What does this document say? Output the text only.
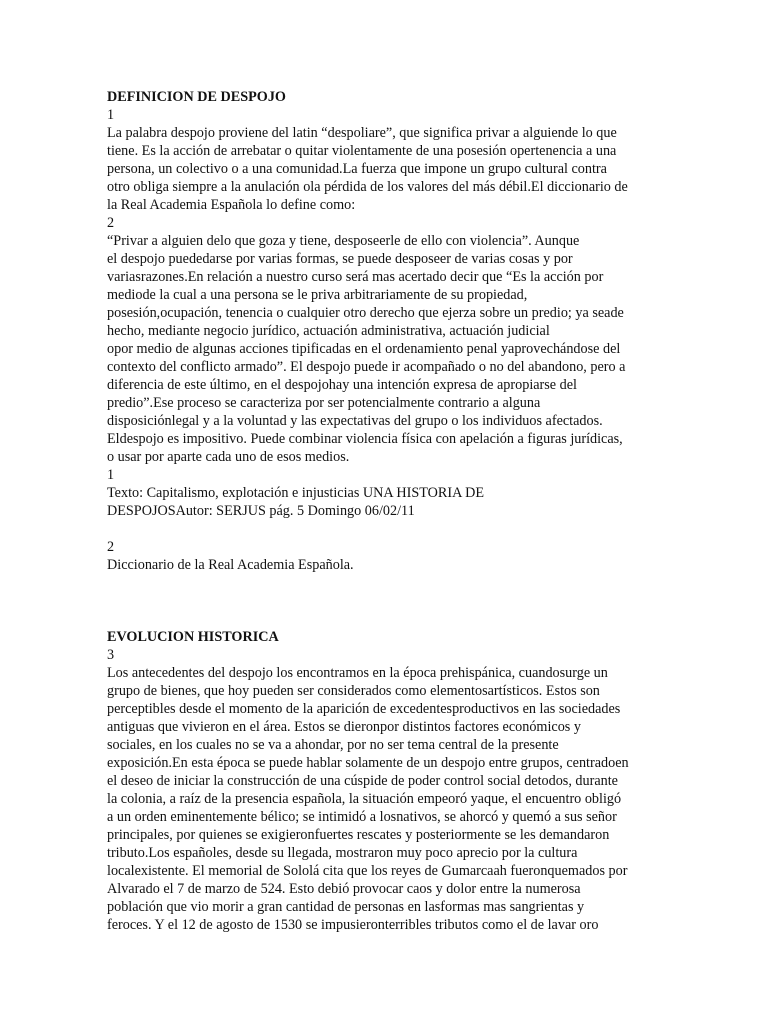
DEFINICION DE DESPOJO
1
La palabra despojo proviene del latin “despoliare”, que significa privar a alguiende lo que
tiene. Es la acción de arrebatar o quitar violentamente de una posesión opertenencia a una
persona, un colectivo o a una comunidad.La fuerza que impone un grupo cultural contra
otro obliga siempre a la anulación ola pérdida de los valores del más débil.El diccionario de
la Real Academia Española lo define como:
2
“Privar a alguien delo que goza y tiene, desposeerle de ello con violencia”. Aunque
el despojo puededarse por varias formas, se puede desposeer de varias cosas y por
variasrazones.En relación a nuestro curso será mas acertado decir que “Es la acción por
mediode la cual a una persona se le priva arbitrariamente de su propiedad,
posesión,ocupación, tenencia o cualquier otro derecho que ejerza sobre un predio; ya seade
hecho, mediante negocio jurídico, actuación administrativa, actuación judicial
opor medio de algunas acciones tipificadas en el ordenamiento penal yaprovechándose del
contexto del conflicto armado”. El despojo puede ir acompañado o no del abandono, pero a
diferencia de este último, en el despojohay una intención expresa de apropiarse del
predio”.Ese proceso se caracteriza por ser potencialmente contrario a alguna
disposiciónlegal y a la voluntad y las expectativas del grupo o los individuos afectados.
Eldespojo es impositivo. Puede combinar violencia física con apelación a figuras jurídicas,
o usar por aparte cada uno de esos medios.
1
Texto: Capitalismo, explotación e injusticias UNA HISTORIA DE
DESPOJOSAutor: SERJUS pág. 5 Domingo 06/02/11
2
Diccionario de la Real Academia Española.
EVOLUCION HISTORICA
3
Los antecedentes del despojo los encontramos en la época prehispánica, cuandosurge un
grupo de bienes, que hoy pueden ser considerados como elementosartísticos. Estos son
perceptibles desde el momento de la aparición de excedentesproductivos en las sociedades
antiguas que vivieron en el área. Estos se dieronpor distintos factores económicos y
sociales, en los cuales no se va a ahondar, por no ser tema central de la presente
exposición.En esta época se puede hablar solamente de un despojo entre grupos, centradoen
el deseo de iniciar la construcción de una cúspide de poder control social detodos, durante
la colonia, a raíz de la presencia española, la situación empeoró yaque, el encuentro obligó
a un orden eminentemente bélico; se intimidó a losnativos, se ahorcó y quemó a sus señor
principales, por quienes se exigieronfuertes rescates y posteriormente se les demandaron
tributo.Los españoles, desde su llegada, mostraron muy poco aprecio por la cultura
localexistente. El memorial de Sololá cita que los reyes de Gumarcaah fueronquemados por
Alvarado el 7 de marzo de 524. Esto debió provocar caos y dolor entre la numerosa
población que vio morir a gran cantidad de personas en lasformas mas sangrientas y
feroces. Y el 12 de agosto de 1530 se impusieronterribles tributos como el de lavar oro
